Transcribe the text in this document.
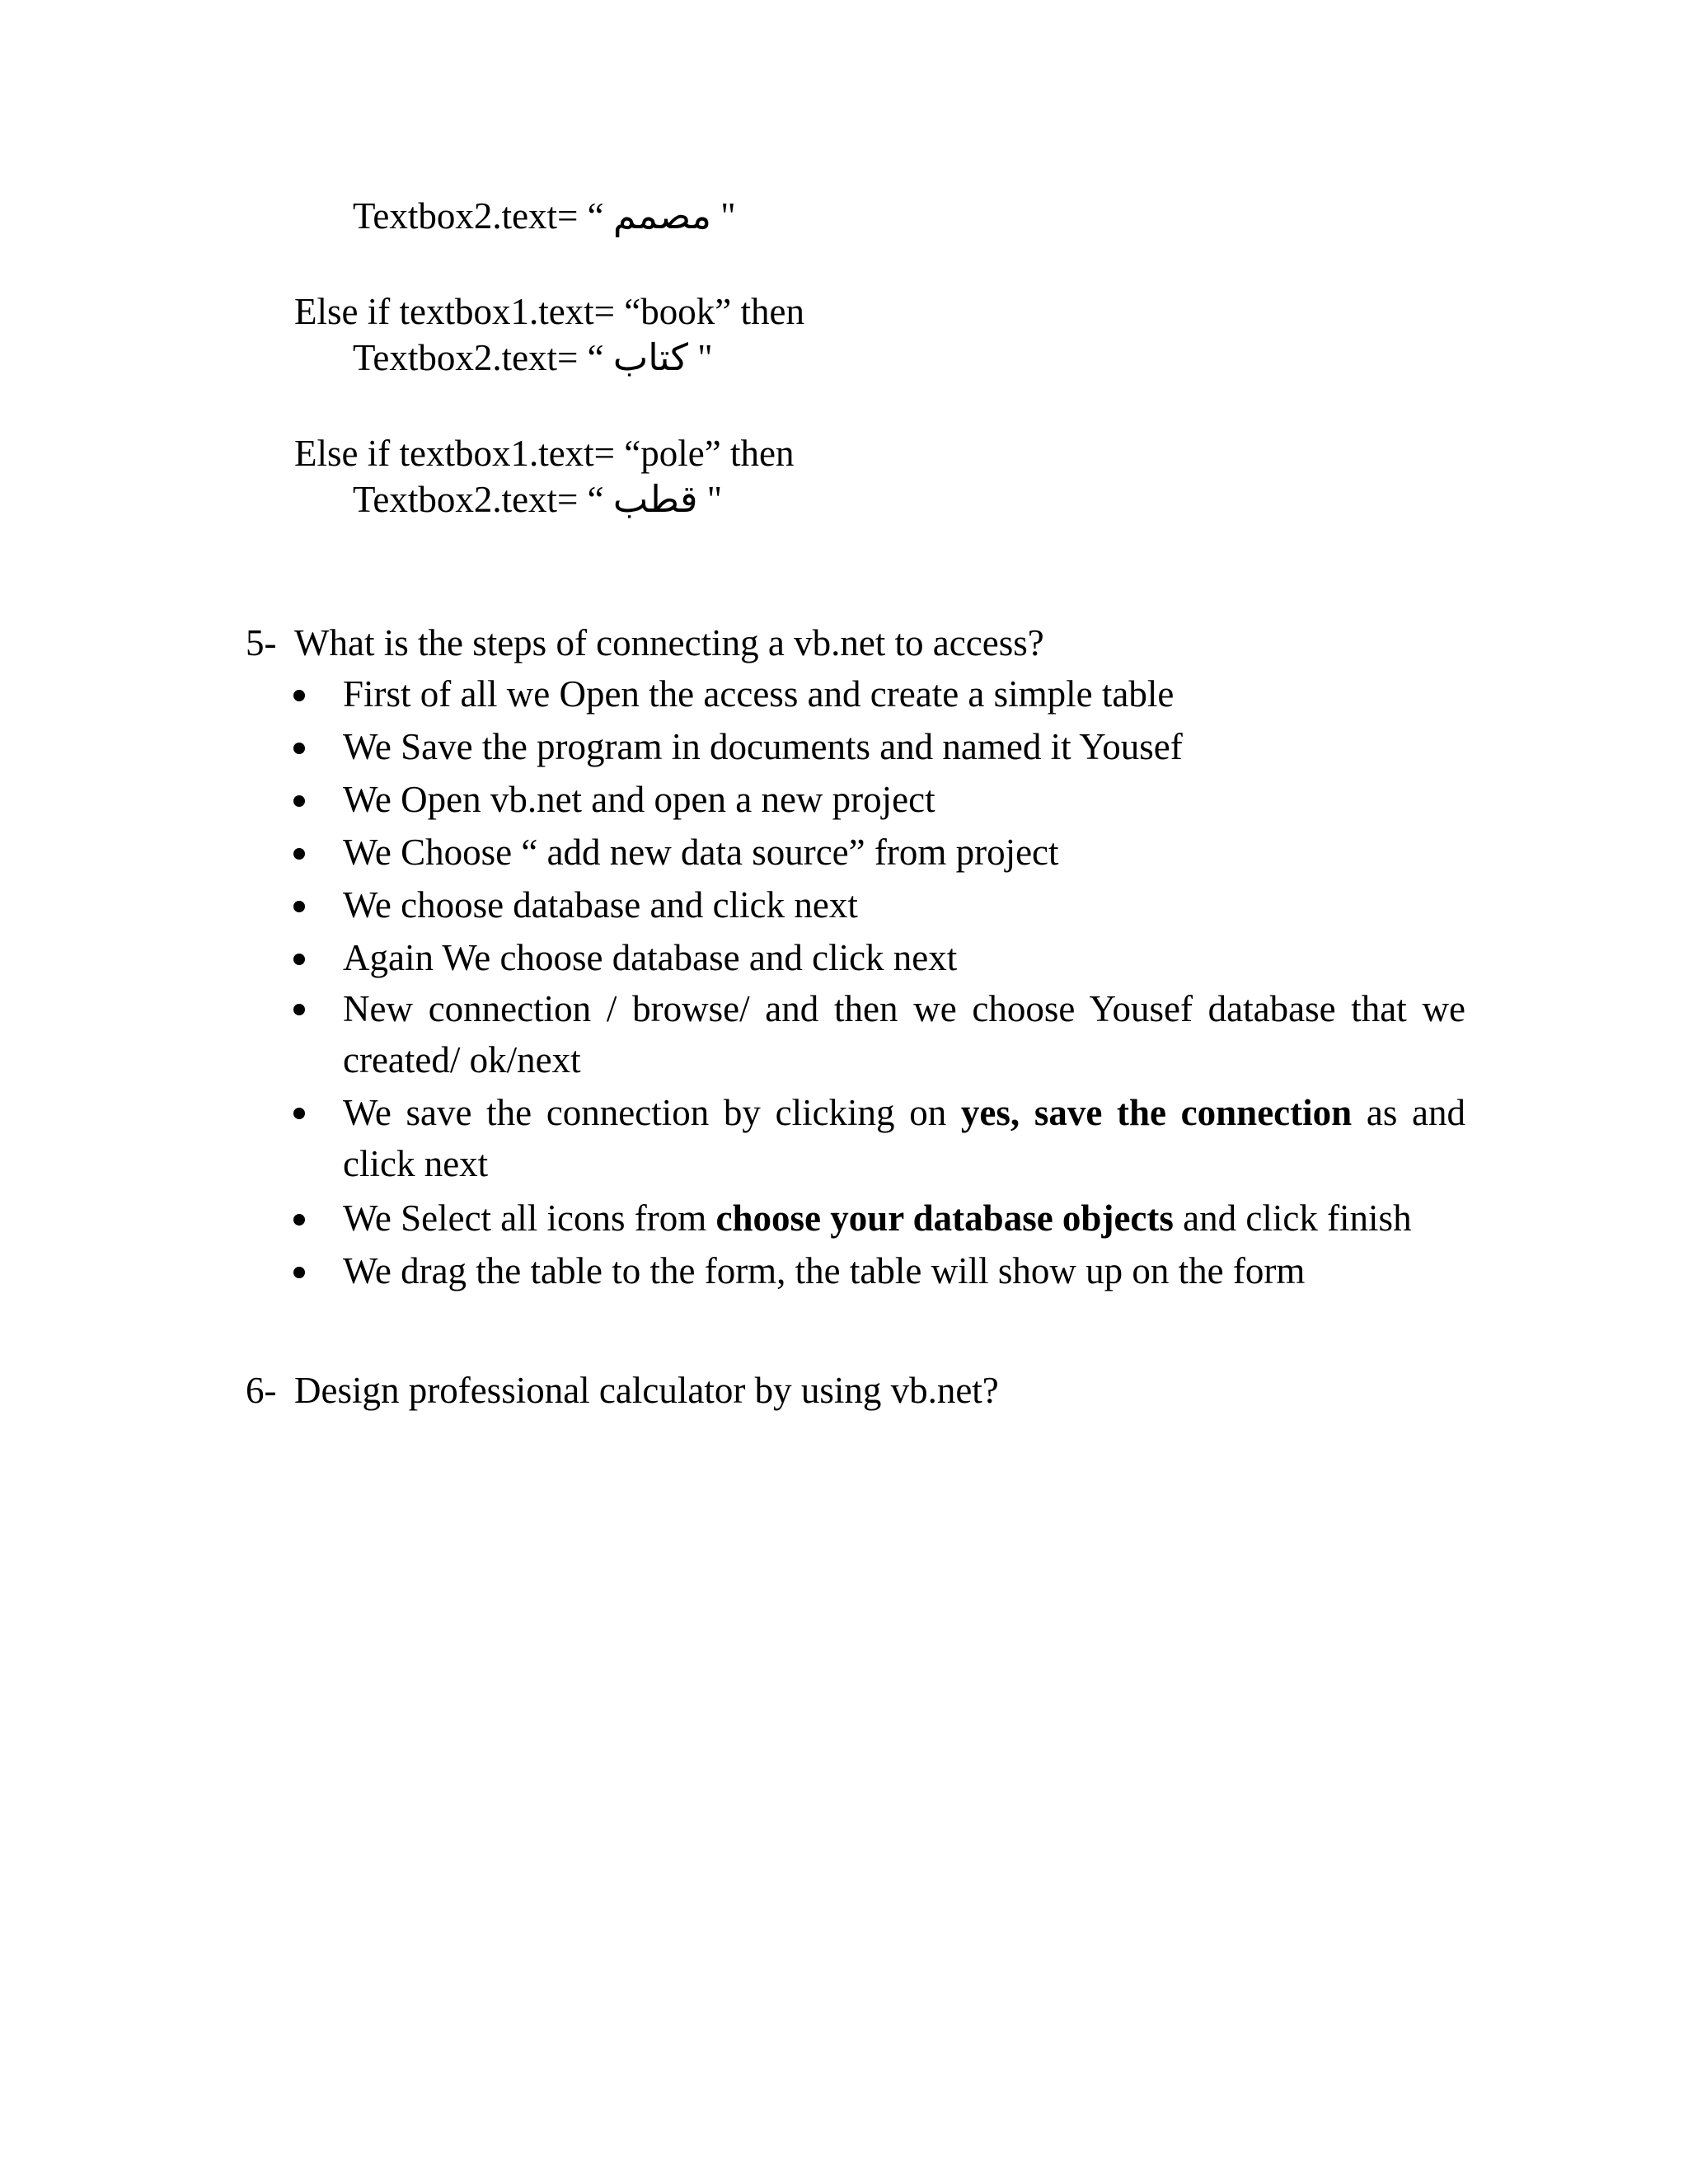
Textbox2.text= “ مصمم "
Else if textbox1.text= “book” then
Textbox2.text= “ كتاب "
Else if textbox1.text= “pole” then
Textbox2.text= “ قطب "
5- What is the steps of connecting a vb.net to access?
First of all we Open the access and create a simple table
We Save the program in documents and named it Yousef
We Open vb.net and open a new project
We Choose “ add new data source” from project
We choose database and click next
Again We choose database and click next
New connection / browse/ and then we choose Yousef database that we created/ ok/next
We save the connection by clicking on yes, save the connection as and click next
We Select all icons from choose your database objects and click finish
We drag the table to the form, the table will show up on the form
6- Design professional calculator by using vb.net?
